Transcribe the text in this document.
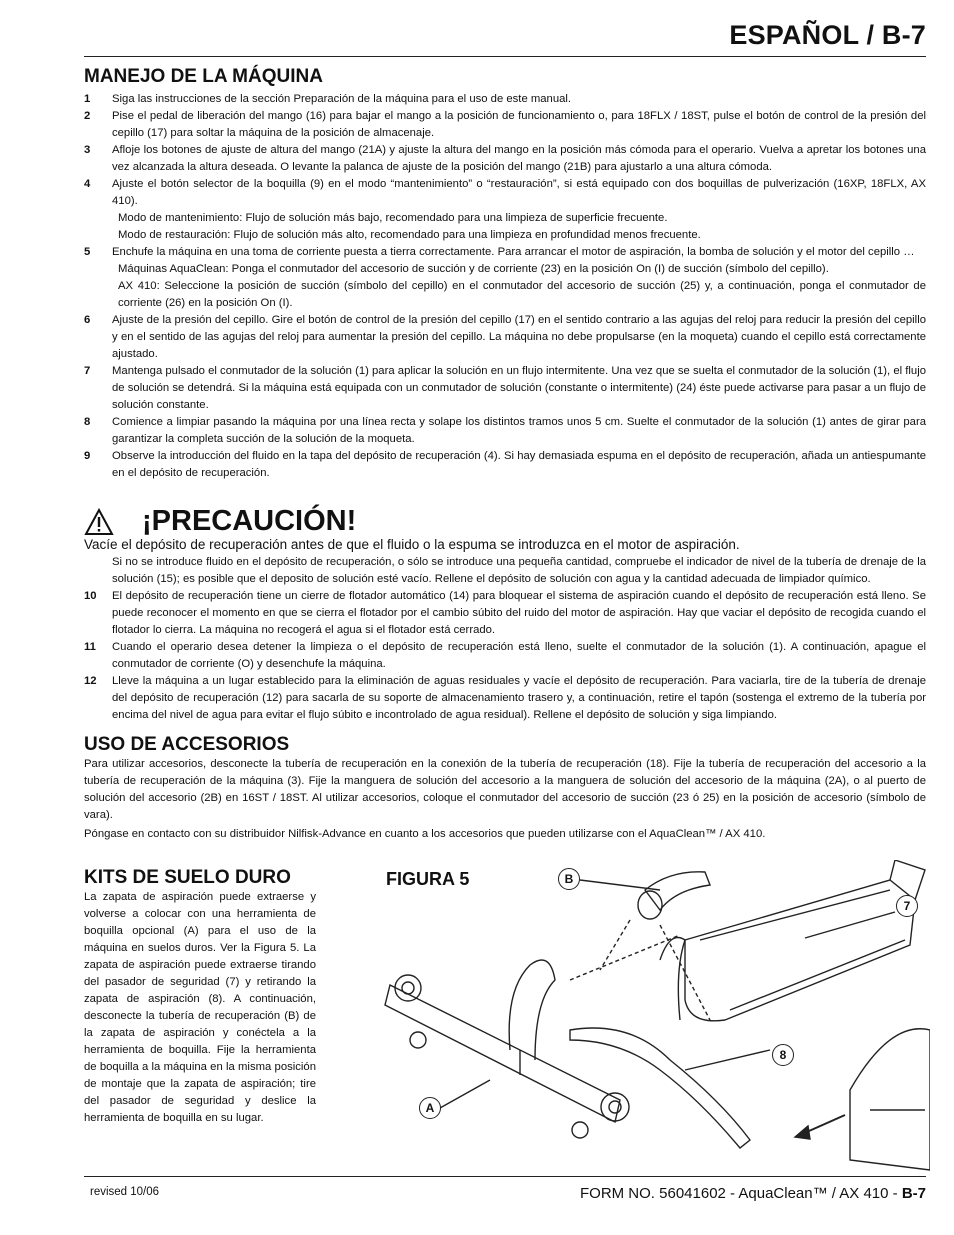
ESPAÑOL / B-7
MANEJO DE LA MÁQUINA
1	Siga las instrucciones de la sección Preparación de la máquina para el uso de este manual.
2	Pise el pedal de liberación del mango (16) para bajar el mango a la posición de funcionamiento o, para 18FLX / 18ST, pulse el botón de control de la presión del cepillo (17) para soltar la máquina de la posición de almacenaje.
3	Afloje los botones de ajuste de altura del mango (21A) y ajuste la altura del mango en la posición más cómoda para el operario. Vuelva a apretar los botones una vez alcanzada la altura deseada. O levante la palanca de ajuste de la posición del mango (21B) para ajustarlo a una altura cómoda.
4	Ajuste el botón selector de la boquilla (9) en el modo “mantenimiento” o “restauración”, si está equipado con dos boquillas de pulverización (16XP, 18FLX, AX 410).
Modo de mantenimiento: Flujo de solución más bajo, recomendado para una limpieza de superficie frecuente.
Modo de restauración: Flujo de solución más alto, recomendado para una limpieza en profundidad menos frecuente.
5	Enchufe la máquina en una toma de corriente puesta a tierra correctamente. Para arrancar el motor de aspiración, la bomba de solución y el motor del cepillo …
Máquinas AquaClean: Ponga el conmutador del accesorio de succión y de corriente (23) en la posición On (I) de succión (símbolo del cepillo).
AX 410: Seleccione la posición de succión (símbolo del cepillo) en el conmutador del accesorio de succión (25) y, a continuación, ponga el conmutador de corriente (26) en la posición On (I).
6	Ajuste de la presión del cepillo. Gire el botón de control de la presión del cepillo (17) en el sentido contrario a las agujas del reloj para reducir la presión del cepillo y en el sentido de las agujas del reloj para aumentar la presión del cepillo. La máquina no debe propulsarse (en la moqueta) cuando el cepillo está correctamente ajustado.
7	Mantenga pulsado el conmutador de la solución (1) para aplicar la solución en un flujo intermitente. Una vez que se suelta el conmutador de la solución (1), el flujo de solución se detendrá. Si la máquina está equipada con un conmutador de solución (constante o intermitente) (24) éste puede activarse para pasar a un flujo de solución constante.
8	Comience a limpiar pasando la máquina por una línea recta y solape los distintos tramos unos 5 cm. Suelte el conmutador de la solución (1) antes de girar para garantizar la completa succión de la solución de la moqueta.
9	Observe la introducción del fluido en la tapa del depósito de recuperación (4). Si hay demasiada espuma en el depósito de recuperación, añada un antiespumante en el depósito de recuperación.
¡PRECAUCIÓN!
Vacíe el depósito de recuperación antes de que el fluido o la espuma se introduzca en el motor de aspiración.
Si no se introduce fluido en el depósito de recuperación, o sólo se introduce una pequeña cantidad, compruebe el indicador de nivel de la tubería de drenaje de la solución (15); es posible que el deposito de solución esté vacío. Rellene el depósito de solución con agua y la cantidad adecuada de limpiador químico.
10	El depósito de recuperación tiene un cierre de flotador automático (14) para bloquear el sistema de aspiración cuando el depósito de recuperación está lleno. Se puede reconocer el momento en que se cierra el flotador por el cambio súbito del ruido del motor de aspiración. Hay que vaciar el depósito de recogida cuando el flotador lo cierra. La máquina no recogerá el agua si el flotador está cerrado.
11	Cuando el operario desea detener la limpieza o el depósito de recuperación está lleno, suelte el conmutador de la solución (1). A continuación, apague el conmutador de corriente (O) y desenchufe la máquina.
12	Lleve la máquina a un lugar establecido para la eliminación de aguas residuales y vacíe el depósito de recuperación. Para vaciarla, tire de la tubería de drenaje del depósito de recuperación (12) para sacarla de su soporte de almacenamiento trasero y, a continuación, retire el tapón (sostenga el extremo de la tubería por encima del nivel de agua para evitar el flujo súbito e incontrolado de agua residual). Rellene el depósito de solución y siga limpiando.
USO DE ACCESORIOS
Para utilizar accesorios, desconecte la tubería de recuperación en la conexión de la tubería de recuperación (18). Fije la tubería de recuperación del accesorio a la tubería de recuperación de la máquina (3). Fije la manguera de solución del accesorio a la manguera de solución del accesorio de la máquina (2A), o al puerto de solución del accesorio (2B) en 16ST / 18ST. Al utilizar accesorios, coloque el conmutador del accesorio de succión (23 ó 25) en la posición de accesorio (símbolo de vara).
Póngase en contacto con su distribuidor Nilfisk-Advance en cuanto a los accesorios que pueden utilizarse con el AquaClean™ / AX 410.
KITS DE SUELO DURO
La zapata de aspiración puede extraerse y volverse a colocar con una herramienta de boquilla opcional (A) para el uso de la máquina en suelos duros. Ver la Figura 5. La zapata de aspiración puede extraerse tirando del pasador de seguridad (7) y retirando la zapata de aspiración (8). A continuación, desconecte la tubería de recuperación (B) de la zapata de aspiración y conéctela a la herramienta de boquilla. Fije la herramienta de boquilla a la máquina en la misma posición de montaje que la zapata de aspiración; tire del pasador de seguridad y deslice la herramienta de boquilla en su lugar.
FIGURA 5	B
7
8
A
revised 10/06	FORM NO. 56041602 - AquaClean™ / AX 410 - B-7
